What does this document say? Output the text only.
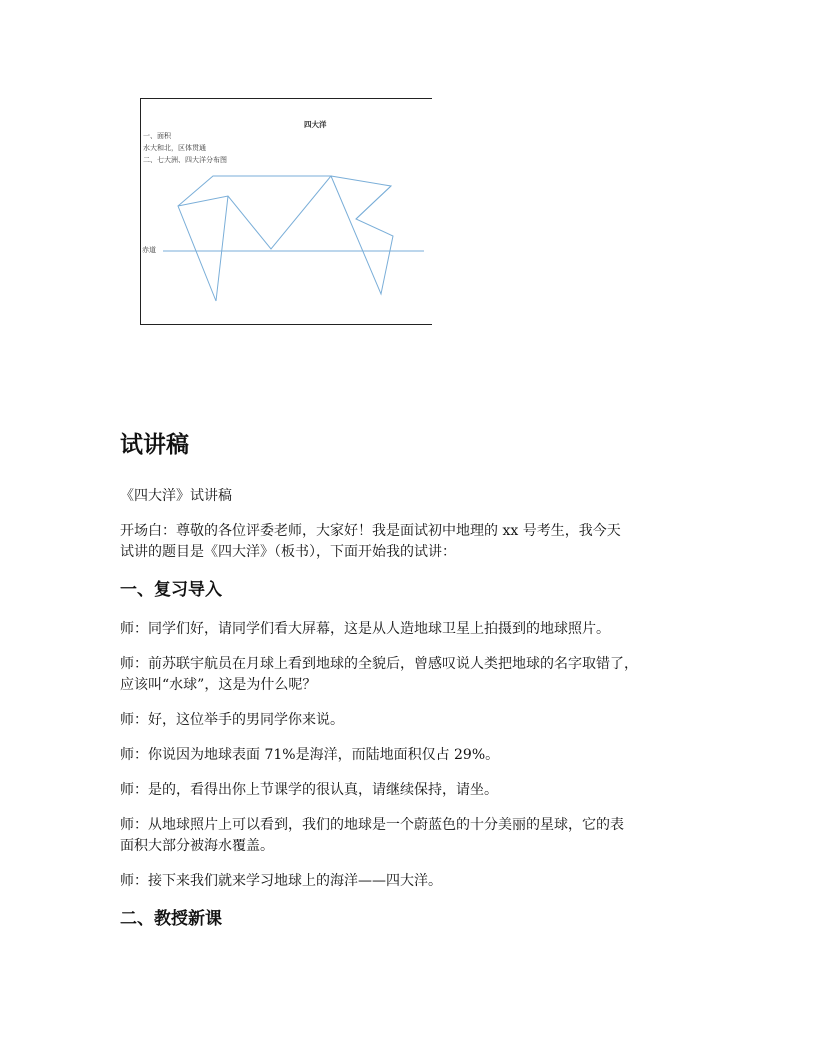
四大洋
一、面积
水大和北，区体贯通
二、七大洲、四大洋分布图
赤道
试讲稿

《四大洋》试讲稿

开场白：尊敬的各位评委老师，大家好！我是面试初中地理的 xx 号考生，我今天
试讲的题目是《四大洋》（板书），下面开始我的试讲：

一、复习导入

师：同学们好，请同学们看大屏幕，这是从人造地球卫星上拍摄到的地球照片。

师：前苏联宇航员在月球上看到地球的全貌后，曾感叹说人类把地球的名字取错了，
应该叫“水球”，这是为什么呢？

师：好，这位举手的男同学你来说。

师：你说因为地球表面 71%是海洋，而陆地面积仅占 29%。

师：是的，看得出你上节课学的很认真，请继续保持，请坐。

师：从地球照片上可以看到，我们的地球是一个蔚蓝色的十分美丽的星球，它的表
面积大部分被海水覆盖。

师：接下来我们就来学习地球上的海洋——四大洋。

二、教授新课
